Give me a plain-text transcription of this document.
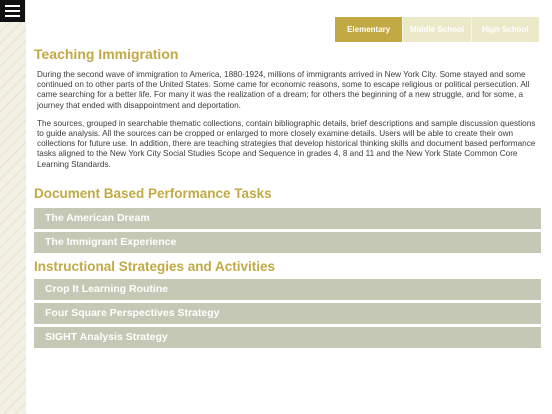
Elementary	Middle School	High School
Teaching Immigration

During the second wave of immigration to America, 1880-1924, millions of immigrants arrived in New York City. Some stayed and some continued on to other parts of the United States. Some came for economic reasons, some to escape religious or political persecution. All came searching for a better life. For many it was the realization of a dream; for others the beginning of a new struggle, and for some, a journey that ended with disappointment and deportation.

The sources, grouped in searchable thematic collections, contain bibliographic details, brief descriptions and sample discussion questions to guide analysis. All the sources can be cropped or enlarged to more closely examine details. Users will be able to create their own collections for future use. In addition, there are teaching strategies that develop historical thinking skills and document based performance tasks aligned to the New York City Social Studies Scope and Sequence in grades 4, 8 and 11 and the New York State Common Core Learning Standards.

Document Based Performance Tasks
The American Dream
The Immigrant Experience
Instructional Strategies and Activities
Crop It Learning Routine
Four Square Perspectives Strategy
SIGHT Analysis Strategy
